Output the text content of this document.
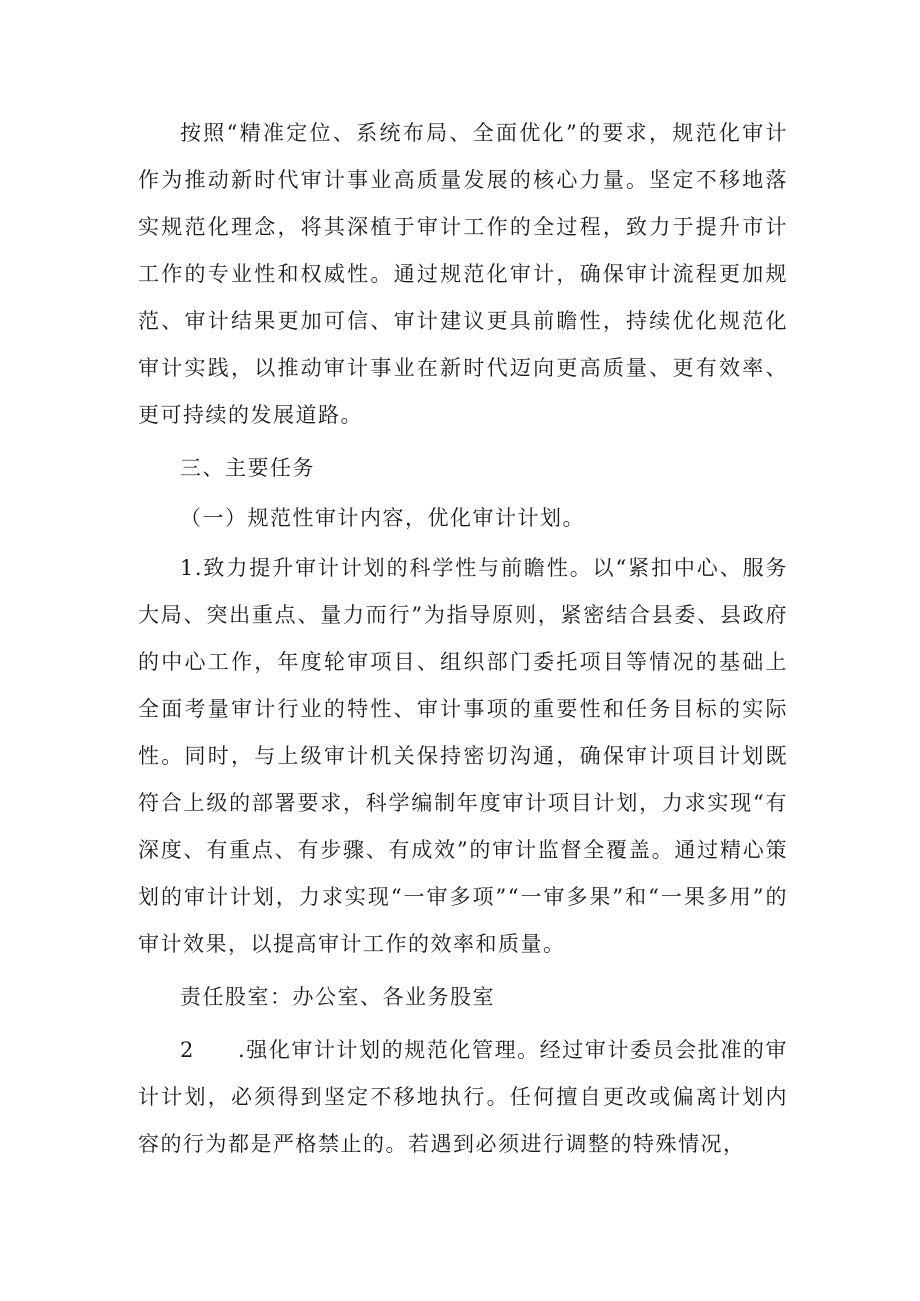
按照“精准定位、系统布局、全面优化”的要求，规范化审计作为推动新时代审计事业高质量发展的核心力量。坚定不移地落实规范化理念，将其深植于审计工作的全过程，致力于提升市计工作的专业性和权威性。通过规范化审计，确保审计流程更加规范、审计结果更加可信、审计建议更具前瞻性，持续优化规范化审计实践，以推动审计事业在新时代迈向更高质量、更有效率、更可持续的发展道路。

三、主要任务

（一）规范性审计内容，优化审计计划。

1.致力提升审计计划的科学性与前瞻性。以“紧扣中心、服务大局、突出重点、量力而行”为指导原则，紧密结合县委、县政府的中心工作，年度轮审项目、组织部门委托项目等情况的基础上全面考量审计行业的特性、审计事项的重要性和任务目标的实际性。同时，与上级审计机关保持密切沟通，确保审计项目计划既符合上级的部署要求，科学编制年度审计项目计划，力求实现“有深度、有重点、有步骤、有成效”的审计监督全覆盖。通过精心策划的审计计划，力求实现“一审多项”“一审多果”和“一果多用”的审计效果，以提高审计工作的效率和质量。

责任股室：办公室、各业务股室

2 .强化审计计划的规范化管理。经过审计委员会批准的审计计划，必须得到坚定不移地执行。任何擅自更改或偏离计划内容的行为都是严格禁止的。若遇到必须进行调整的特殊情况，
